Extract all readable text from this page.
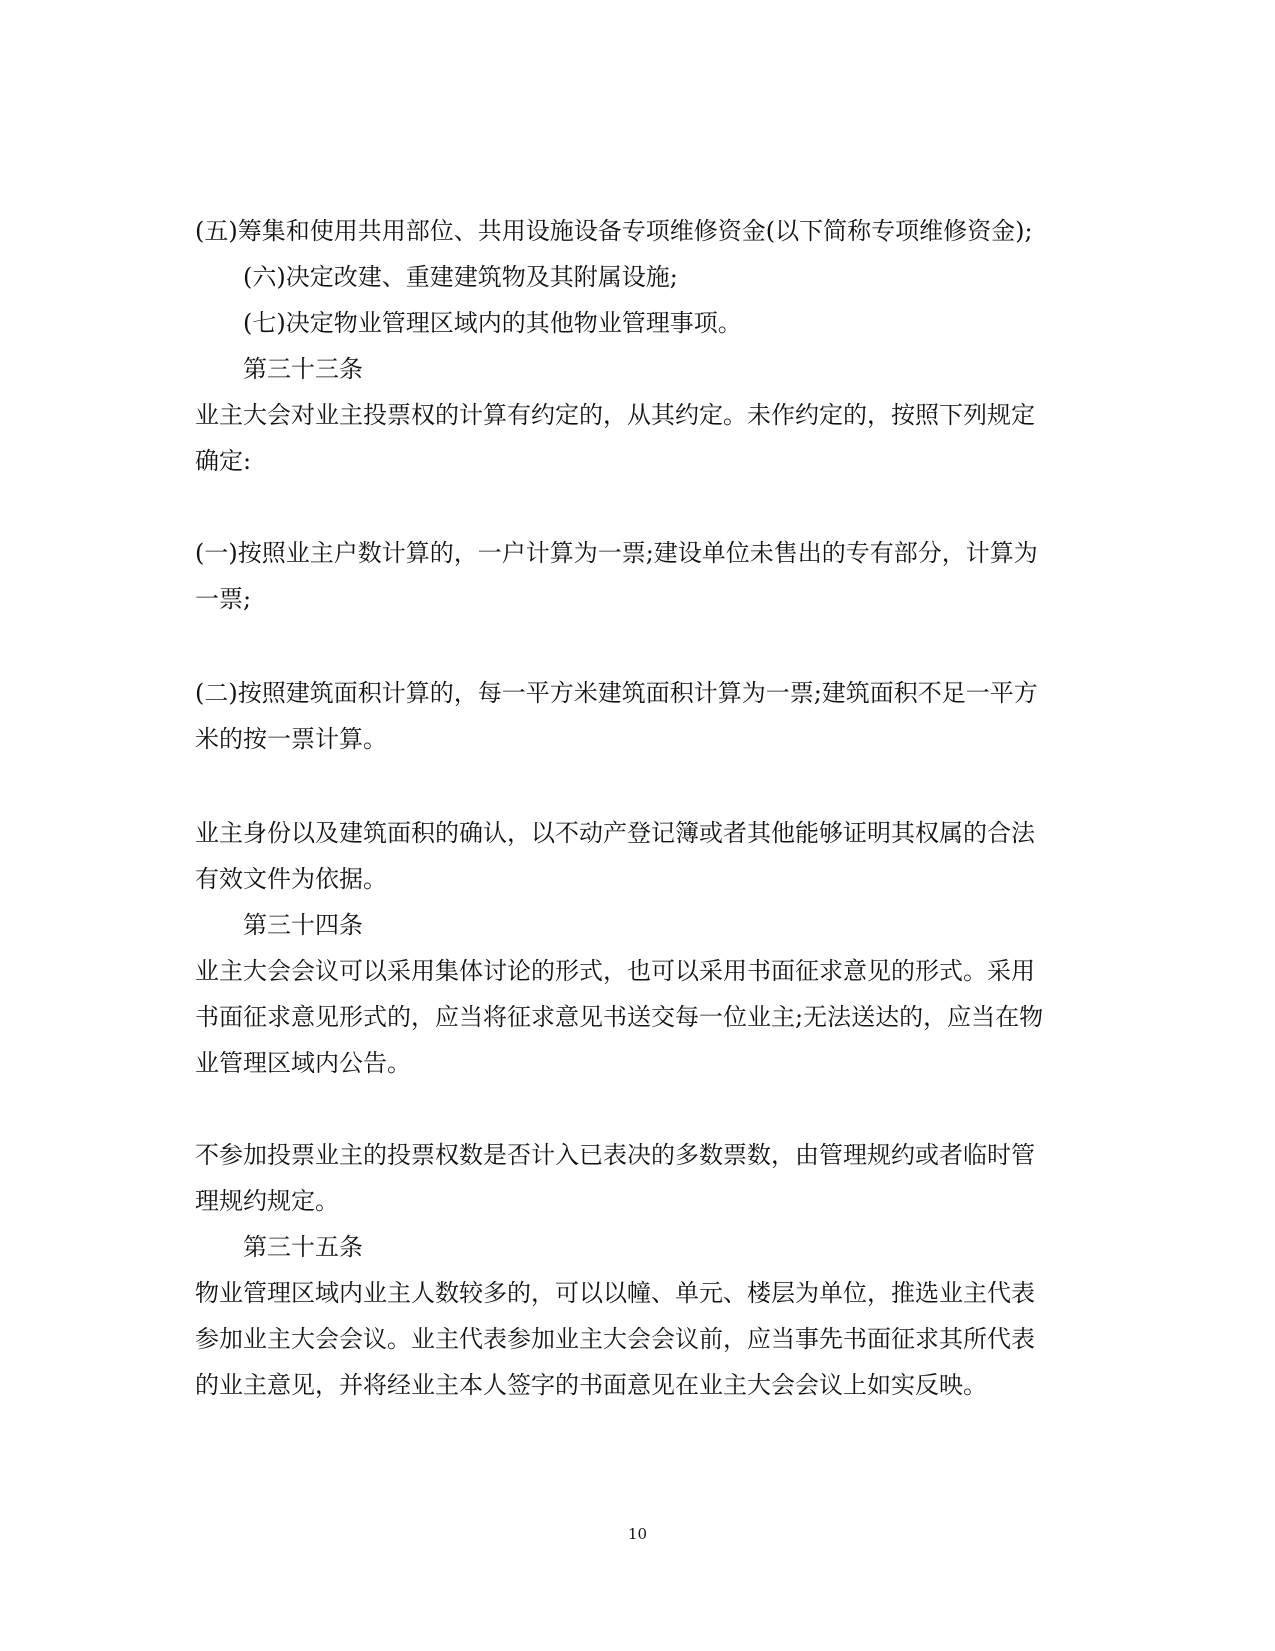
(五)筹集和使用共用部位、共用设施设备专项维修资金(以下简称专项维修资金);
(六)决定改建、重建建筑物及其附属设施;
(七)决定物业管理区域内的其他物业管理事项。
第三十三条
业主大会对业主投票权的计算有约定的，从其约定。未作约定的，按照下列规定
确定:
(一)按照业主户数计算的，一户计算为一票;建设单位未售出的专有部分，计算为
一票;
(二)按照建筑面积计算的，每一平方米建筑面积计算为一票;建筑面积不足一平方
米的按一票计算。
业主身份以及建筑面积的确认，以不动产登记簿或者其他能够证明其权属的合法
有效文件为依据。
第三十四条
业主大会会议可以采用集体讨论的形式，也可以采用书面征求意见的形式。采用
书面征求意见形式的，应当将征求意见书送交每一位业主;无法送达的，应当在物
业管理区域内公告。
不参加投票业主的投票权数是否计入已表决的多数票数，由管理规约或者临时管
理规约规定。
第三十五条
物业管理区域内业主人数较多的，可以以幢、单元、楼层为单位，推选业主代表
参加业主大会会议。业主代表参加业主大会会议前，应当事先书面征求其所代表
的业主意见，并将经业主本人签字的书面意见在业主大会会议上如实反映。
10
